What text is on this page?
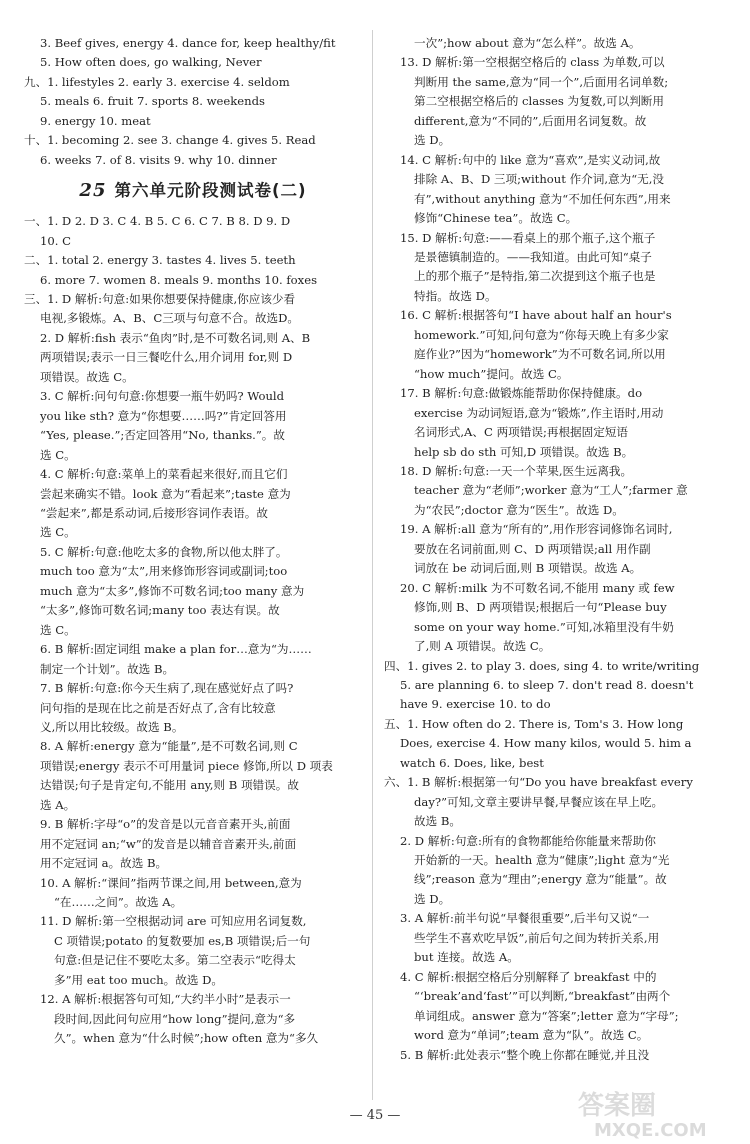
3. Beef gives, energy 4. dance for, keep healthy/fit
5. How often does, go walking, Never
九、1. lifestyles 2. early 3. exercise 4. seldom
5. meals 6. fruit 7. sports 8. weekends
9. energy 10. meat
十、1. becoming 2. see 3. change 4. gives 5. Read
6. weeks 7. of 8. visits 9. why 10. dinner
25 第六单元阶段测试卷(二)
一、1. D 2. D 3. C 4. B 5. C 6. C 7. B 8. D 9. D
10. C
二、1. total 2. energy 3. tastes 4. lives 5. teeth
6. more 7. women 8. meals 9. months 10. foxes
三、1. D 解析:句意:如果你想要保持健康,你应该少看
电视,多锻炼。A、B、C三项与句意不合。故选D。
2. D 解析:fish 表示“鱼肉”时,是不可数名词,则 A、B
两项错误;表示一日三餐吃什么,用介词用 for,则 D
项错误。故选 C。
3. C 解析:问句句意:你想要一瓶牛奶吗? Would
you like sth? 意为“你想要……吗?”肯定回答用
“Yes, please.”;否定回答用“No, thanks.”。故
选 C。
4. C 解析:句意:菜单上的菜看起来很好,而且它们
尝起来确实不错。look 意为“看起来”;taste 意为
“尝起来”,都是系动词,后接形容词作表语。故
选 C。
5. C 解析:句意:他吃太多的食物,所以他太胖了。
much too 意为“太”,用来修饰形容词或副词;too
much 意为“太多”,修饰不可数名词;too many 意为
“太多”,修饰可数名词;many too 表达有误。故
选 C。
6. B 解析:固定词组 make a plan for…意为“为……
制定一个计划”。故选 B。
7. B 解析:句意:你今天生病了,现在感觉好点了吗?
问句指的是现在比之前是否好点了,含有比较意
义,所以用比较级。故选 B。
8. A 解析:energy 意为“能量”,是不可数名词,则 C
项错误;energy 表示不可用量词 piece 修饰,所以 D 项表
达错误;句子是肯定句,不能用 any,则 B 项错误。故
选 A。
9. B 解析:字母“o”的发音是以元音音素开头,前面
用不定冠词 an;“w”的发音是以辅音音素开头,前面
用不定冠词 a。故选 B。
10. A 解析:“课间”指两节课之间,用 between,意为
“在……之间”。故选 A。
11. D 解析:第一空根据动词 are 可知应用名词复数,
C 项错误;potato 的复数要加 es,B 项错误;后一句
句意:但是记住不要吃太多。第二空表示“吃得太
多”用 eat too much。故选 D。
12. A 解析:根据答句可知,“大约半小时”是表示一
段时间,因此问句应用“how long”提问,意为“多
久”。when 意为“什么时候”;how often 意为“多久
一次”;how about 意为“怎么样”。故选 A。
13. D 解析:第一空根据空格后的 class 为单数,可以
判断用 the same,意为“同一个”,后面用名词单数;
第二空根据空格后的 classes 为复数,可以判断用
different,意为“不同的”,后面用名词复数。故
选 D。
14. C 解析:句中的 like 意为“喜欢”,是实义动词,故
排除 A、B、D 三项;without 作介词,意为“无,没
有”,without anything 意为“不加任何东西”,用来
修饰“Chinese tea”。故选 C。
15. D 解析:句意:——看桌上的那个瓶子,这个瓶子
是景德镇制造的。——我知道。由此可知“桌子
上的那个瓶子”是特指,第二次提到这个瓶子也是
特指。故选 D。
16. C 解析:根据答句“I have about half an hour's
homework.”可知,问句意为“你每天晚上有多少家
庭作业?”因为“homework”为不可数名词,所以用
“how much”提问。故选 C。
17. B 解析:句意:做锻炼能帮助你保持健康。do
exercise 为动词短语,意为“锻炼”,作主语时,用动
名词形式,A、C 两项错误;再根据固定短语
help sb do sth 可知,D 项错误。故选 B。
18. D 解析:句意:一天一个苹果,医生远离我。
teacher 意为“老师”;worker 意为“工人”;farmer 意
为“农民”;doctor 意为“医生”。故选 D。
19. A 解析:all 意为“所有的”,用作形容词修饰名词时,
要放在名词前面,则 C、D 两项错误;all 用作副
词放在 be 动词后面,则 B 项错误。故选 A。
20. C 解析:milk 为不可数名词,不能用 many 或 few
修饰,则 B、D 两项错误;根据后一句“Please buy
some on your way home.”可知,冰箱里没有牛奶
了,则 A 项错误。故选 C。
四、1. gives 2. to play 3. does, sing 4. to write/writing
5. are planning 6. to sleep 7. don't read 8. doesn't
have 9. exercise 10. to do
五、1. How often do 2. There is, Tom's 3. How long
Does, exercise 4. How many kilos, would 5. him a
watch 6. Does, like, best
六、1. B 解析:根据第一句“Do you have breakfast every
day?”可知,文章主要讲早餐,早餐应该在早上吃。
故选 B。
2. D 解析:句意:所有的食物都能给你能量来帮助你
开始新的一天。health 意为“健康”;light 意为“光
线”;reason 意为“理由”;energy 意为“能量”。故
选 D。
3. A 解析:前半句说“早餐很重要”,后半句又说“一
些学生不喜欢吃早饭”,前后句之间为转折关系,用
but 连接。故选 A。
4. C 解析:根据空格后分别解释了 breakfast 中的
“‘break’and‘fast’”可以判断,“breakfast”由两个
单词组成。answer 意为“答案”;letter 意为“字母”;
word 意为“单词”;team 意为“队”。故选 C。
5. B 解析:此处表示“整个晚上你都在睡觉,并且没
— 45 —	答案圈
MXQE.COM
